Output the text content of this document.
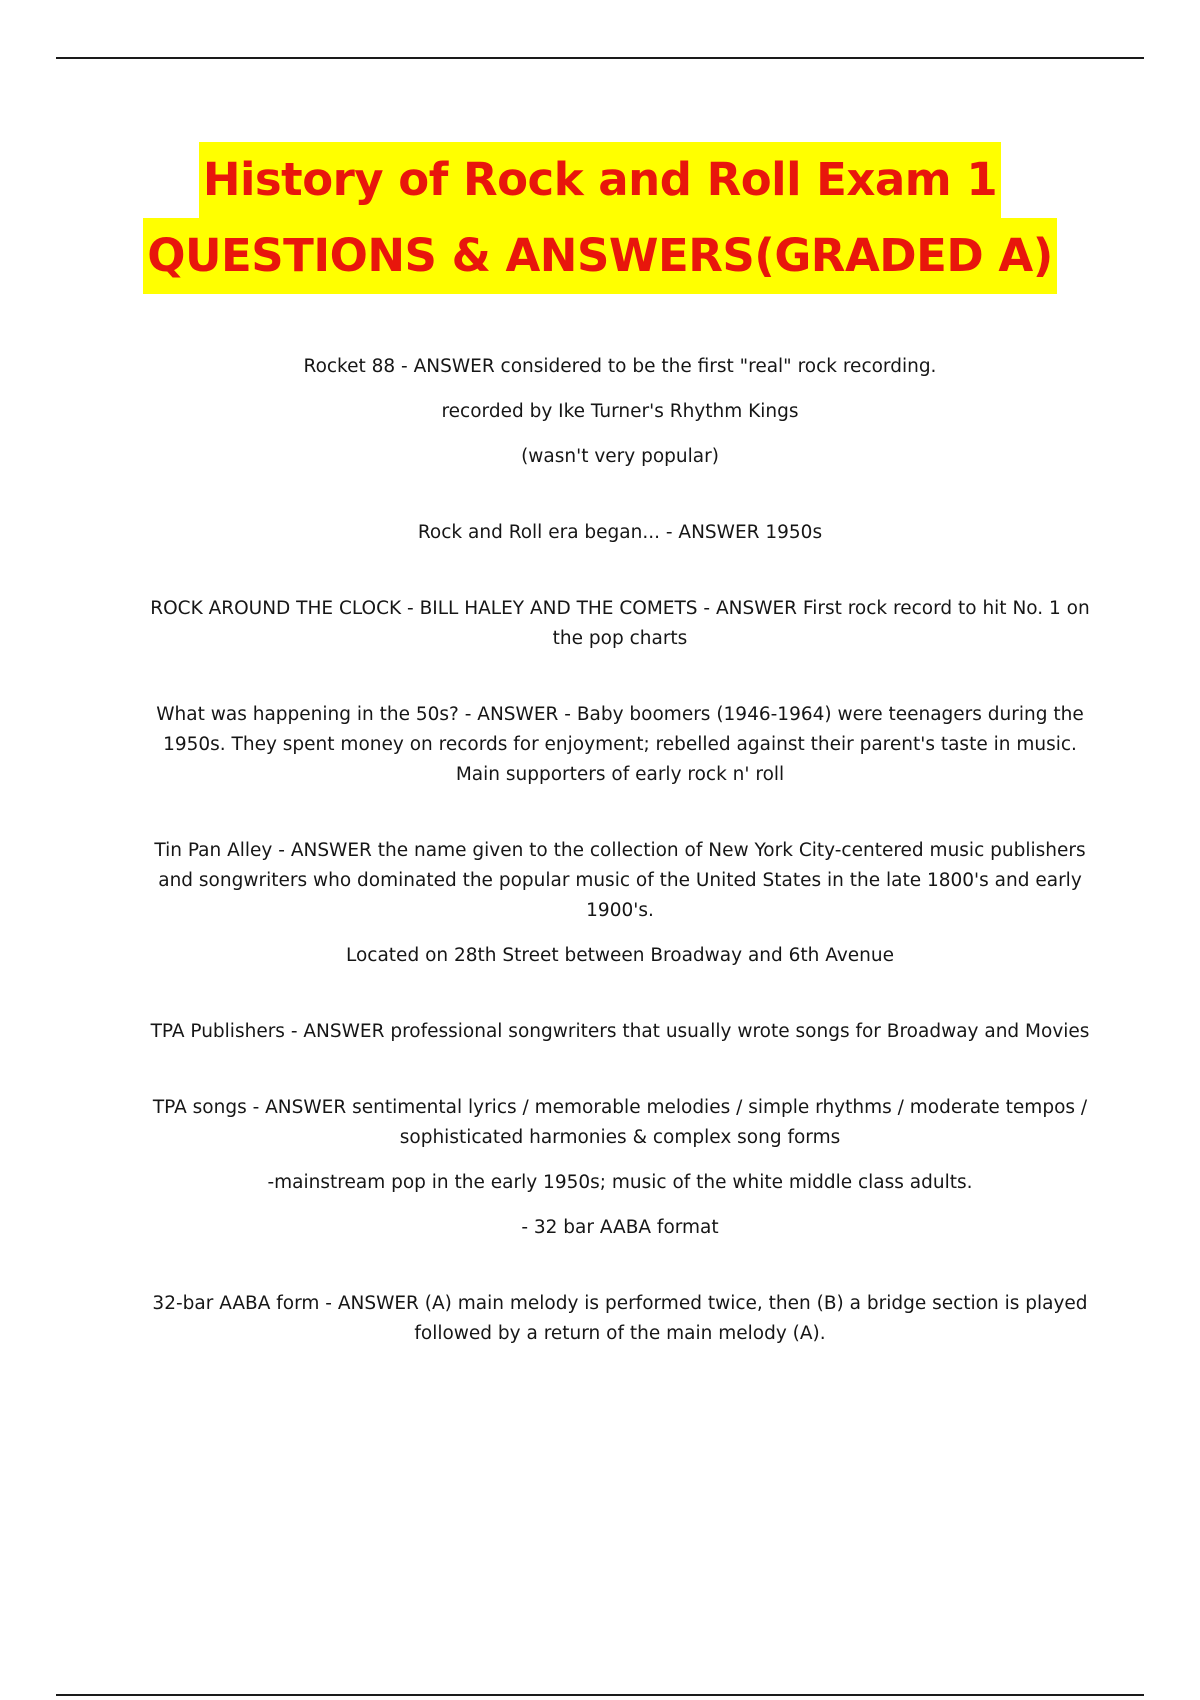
History of Rock and Roll Exam 1
QUESTIONS & ANSWERS(GRADED A)

Rocket 88 - ANSWER considered to be the first "real" rock recording.

recorded by Ike Turner's Rhythm Kings

(wasn't very popular)

Rock and Roll era began... - ANSWER 1950s

ROCK AROUND THE CLOCK - BILL HALEY AND THE COMETS - ANSWER First rock record to hit No. 1 on the pop charts

What was happening in the 50s? - ANSWER - Baby boomers (1946-1964) were teenagers during the 1950s. They spent money on records for enjoyment; rebelled against their parent's taste in music. Main supporters of early rock n' roll

Tin Pan Alley - ANSWER the name given to the collection of New York City-centered music publishers and songwriters who dominated the popular music of the United States in the late 1800's and early 1900's.

Located on 28th Street between Broadway and 6th Avenue

TPA Publishers - ANSWER professional songwriters that usually wrote songs for Broadway and Movies

TPA songs - ANSWER sentimental lyrics / memorable melodies / simple rhythms / moderate tempos / sophisticated harmonies & complex song forms

-mainstream pop in the early 1950s; music of the white middle class adults.

- 32 bar AABA format

32-bar AABA form - ANSWER (A) main melody is performed twice, then (B) a bridge section is played followed by a return of the main melody (A).
